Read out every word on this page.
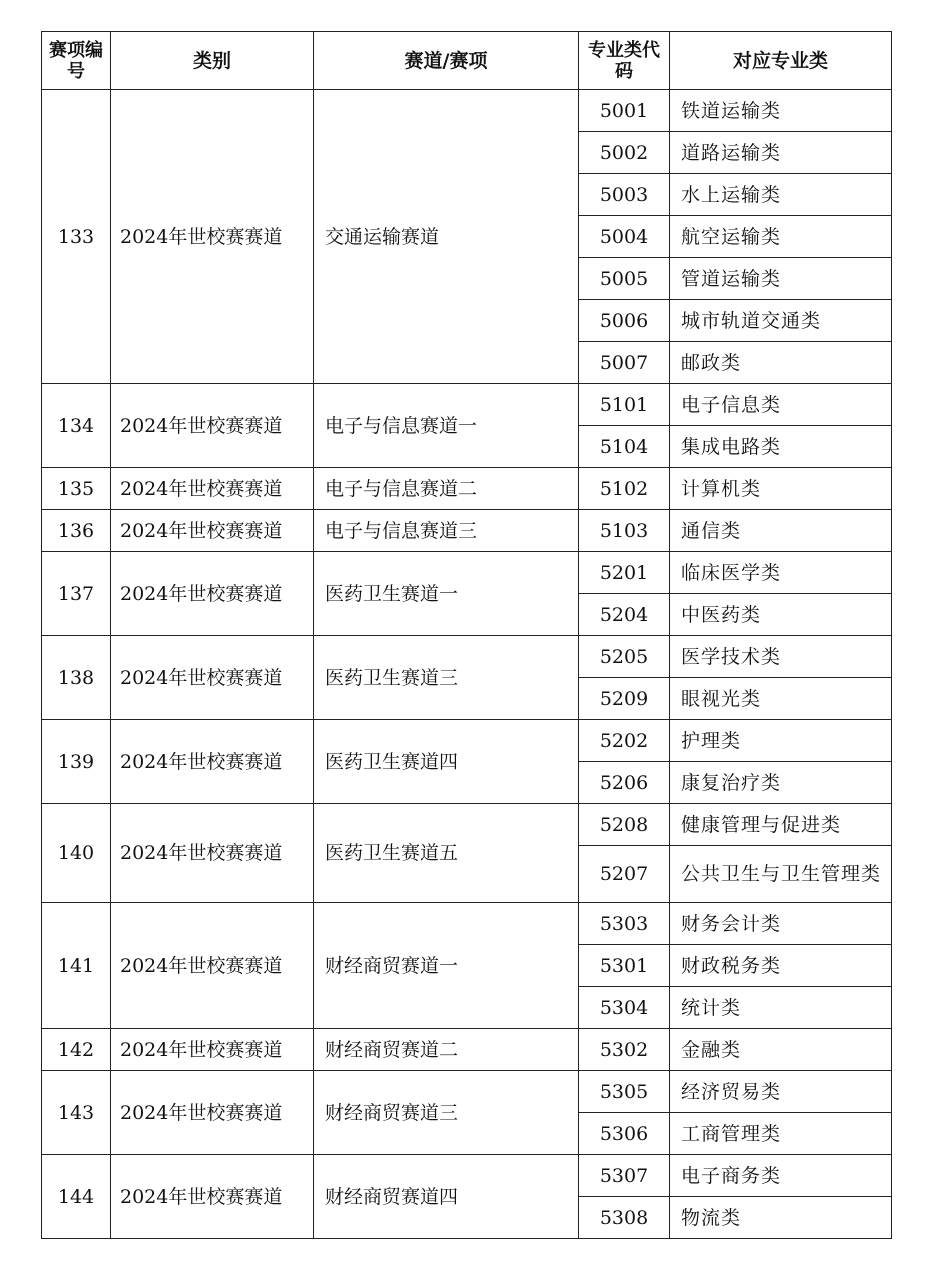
赛项编号	类别	赛道/赛项	专业类代码	对应专业类
133	2024年世校赛赛道	交通运输赛道	5001	铁道运输类
			5002	道路运输类
			5003	水上运输类
			5004	航空运输类
			5005	管道运输类
			5006	城市轨道交通类
			5007	邮政类
134	2024年世校赛赛道	电子与信息赛道一	5101	电子信息类
			5104	集成电路类
135	2024年世校赛赛道	电子与信息赛道二	5102	计算机类
136	2024年世校赛赛道	电子与信息赛道三	5103	通信类
137	2024年世校赛赛道	医药卫生赛道一	5201	临床医学类
			5204	中医药类
138	2024年世校赛赛道	医药卫生赛道三	5205	医学技术类
			5209	眼视光类
139	2024年世校赛赛道	医药卫生赛道四	5202	护理类
			5206	康复治疗类
140	2024年世校赛赛道	医药卫生赛道五	5208	健康管理与促进类
			5207	公共卫生与卫生管理类
141	2024年世校赛赛道	财经商贸赛道一	5303	财务会计类
			5301	财政税务类
			5304	统计类
142	2024年世校赛赛道	财经商贸赛道二	5302	金融类
143	2024年世校赛赛道	财经商贸赛道三	5305	经济贸易类
			5306	工商管理类
144	2024年世校赛赛道	财经商贸赛道四	5307	电子商务类
			5308	物流类
